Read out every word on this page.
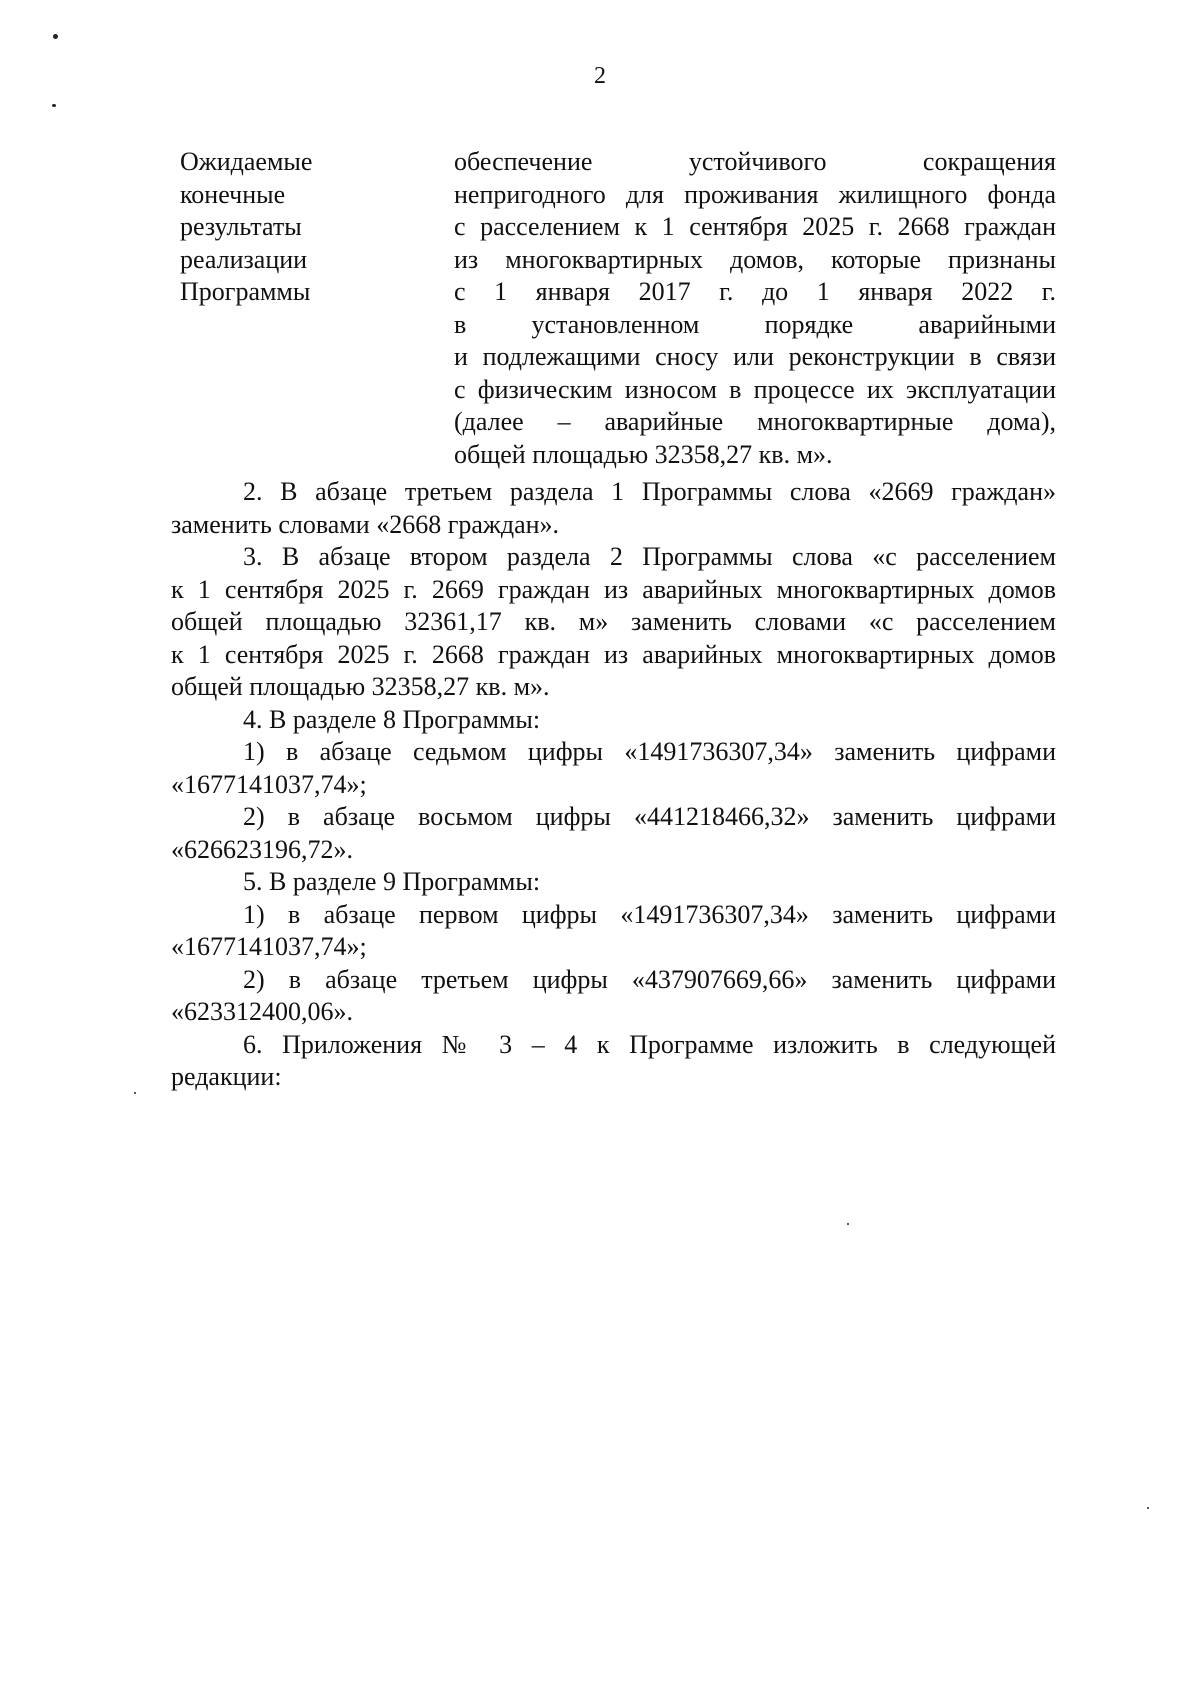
2
Ожидаемые
конечные
результаты
реализации
Программы
обеспечение устойчивого сокращения
непригодного для проживания жилищного фонда
с расселением к 1 сентября 2025 г. 2668 граждан
из многоквартирных домов, которые признаны
с 1 января 2017 г. до 1 января 2022 г.
в установленном порядке аварийными
и подлежащими сносу или реконструкции в связи
с физическим износом в процессе их эксплуатации
(далее – аварийные многоквартирные дома),
общей площадью 32358,27 кв. м».
2. В абзаце третьем раздела 1 Программы слова «2669 граждан»
заменить словами «2668 граждан».
3. В абзаце втором раздела 2 Программы слова «с расселением
к 1 сентября 2025 г. 2669 граждан из аварийных многоквартирных домов
общей площадью 32361,17 кв. м» заменить словами «с расселением
к 1 сентября 2025 г. 2668 граждан из аварийных многоквартирных домов
общей площадью 32358,27 кв. м».
4. В разделе 8 Программы:
1) в абзаце седьмом цифры «1491736307,34» заменить цифрами
«1677141037,74»;
2) в абзаце восьмом цифры «441218466,32» заменить цифрами
«626623196,72».
5. В разделе 9 Программы:
1) в абзаце первом цифры «1491736307,34» заменить цифрами
«1677141037,74»;
2) в абзаце третьем цифры «437907669,66» заменить цифрами
«623312400,06».
6. Приложения № 3 – 4 к Программе изложить в следующей
редакции:
